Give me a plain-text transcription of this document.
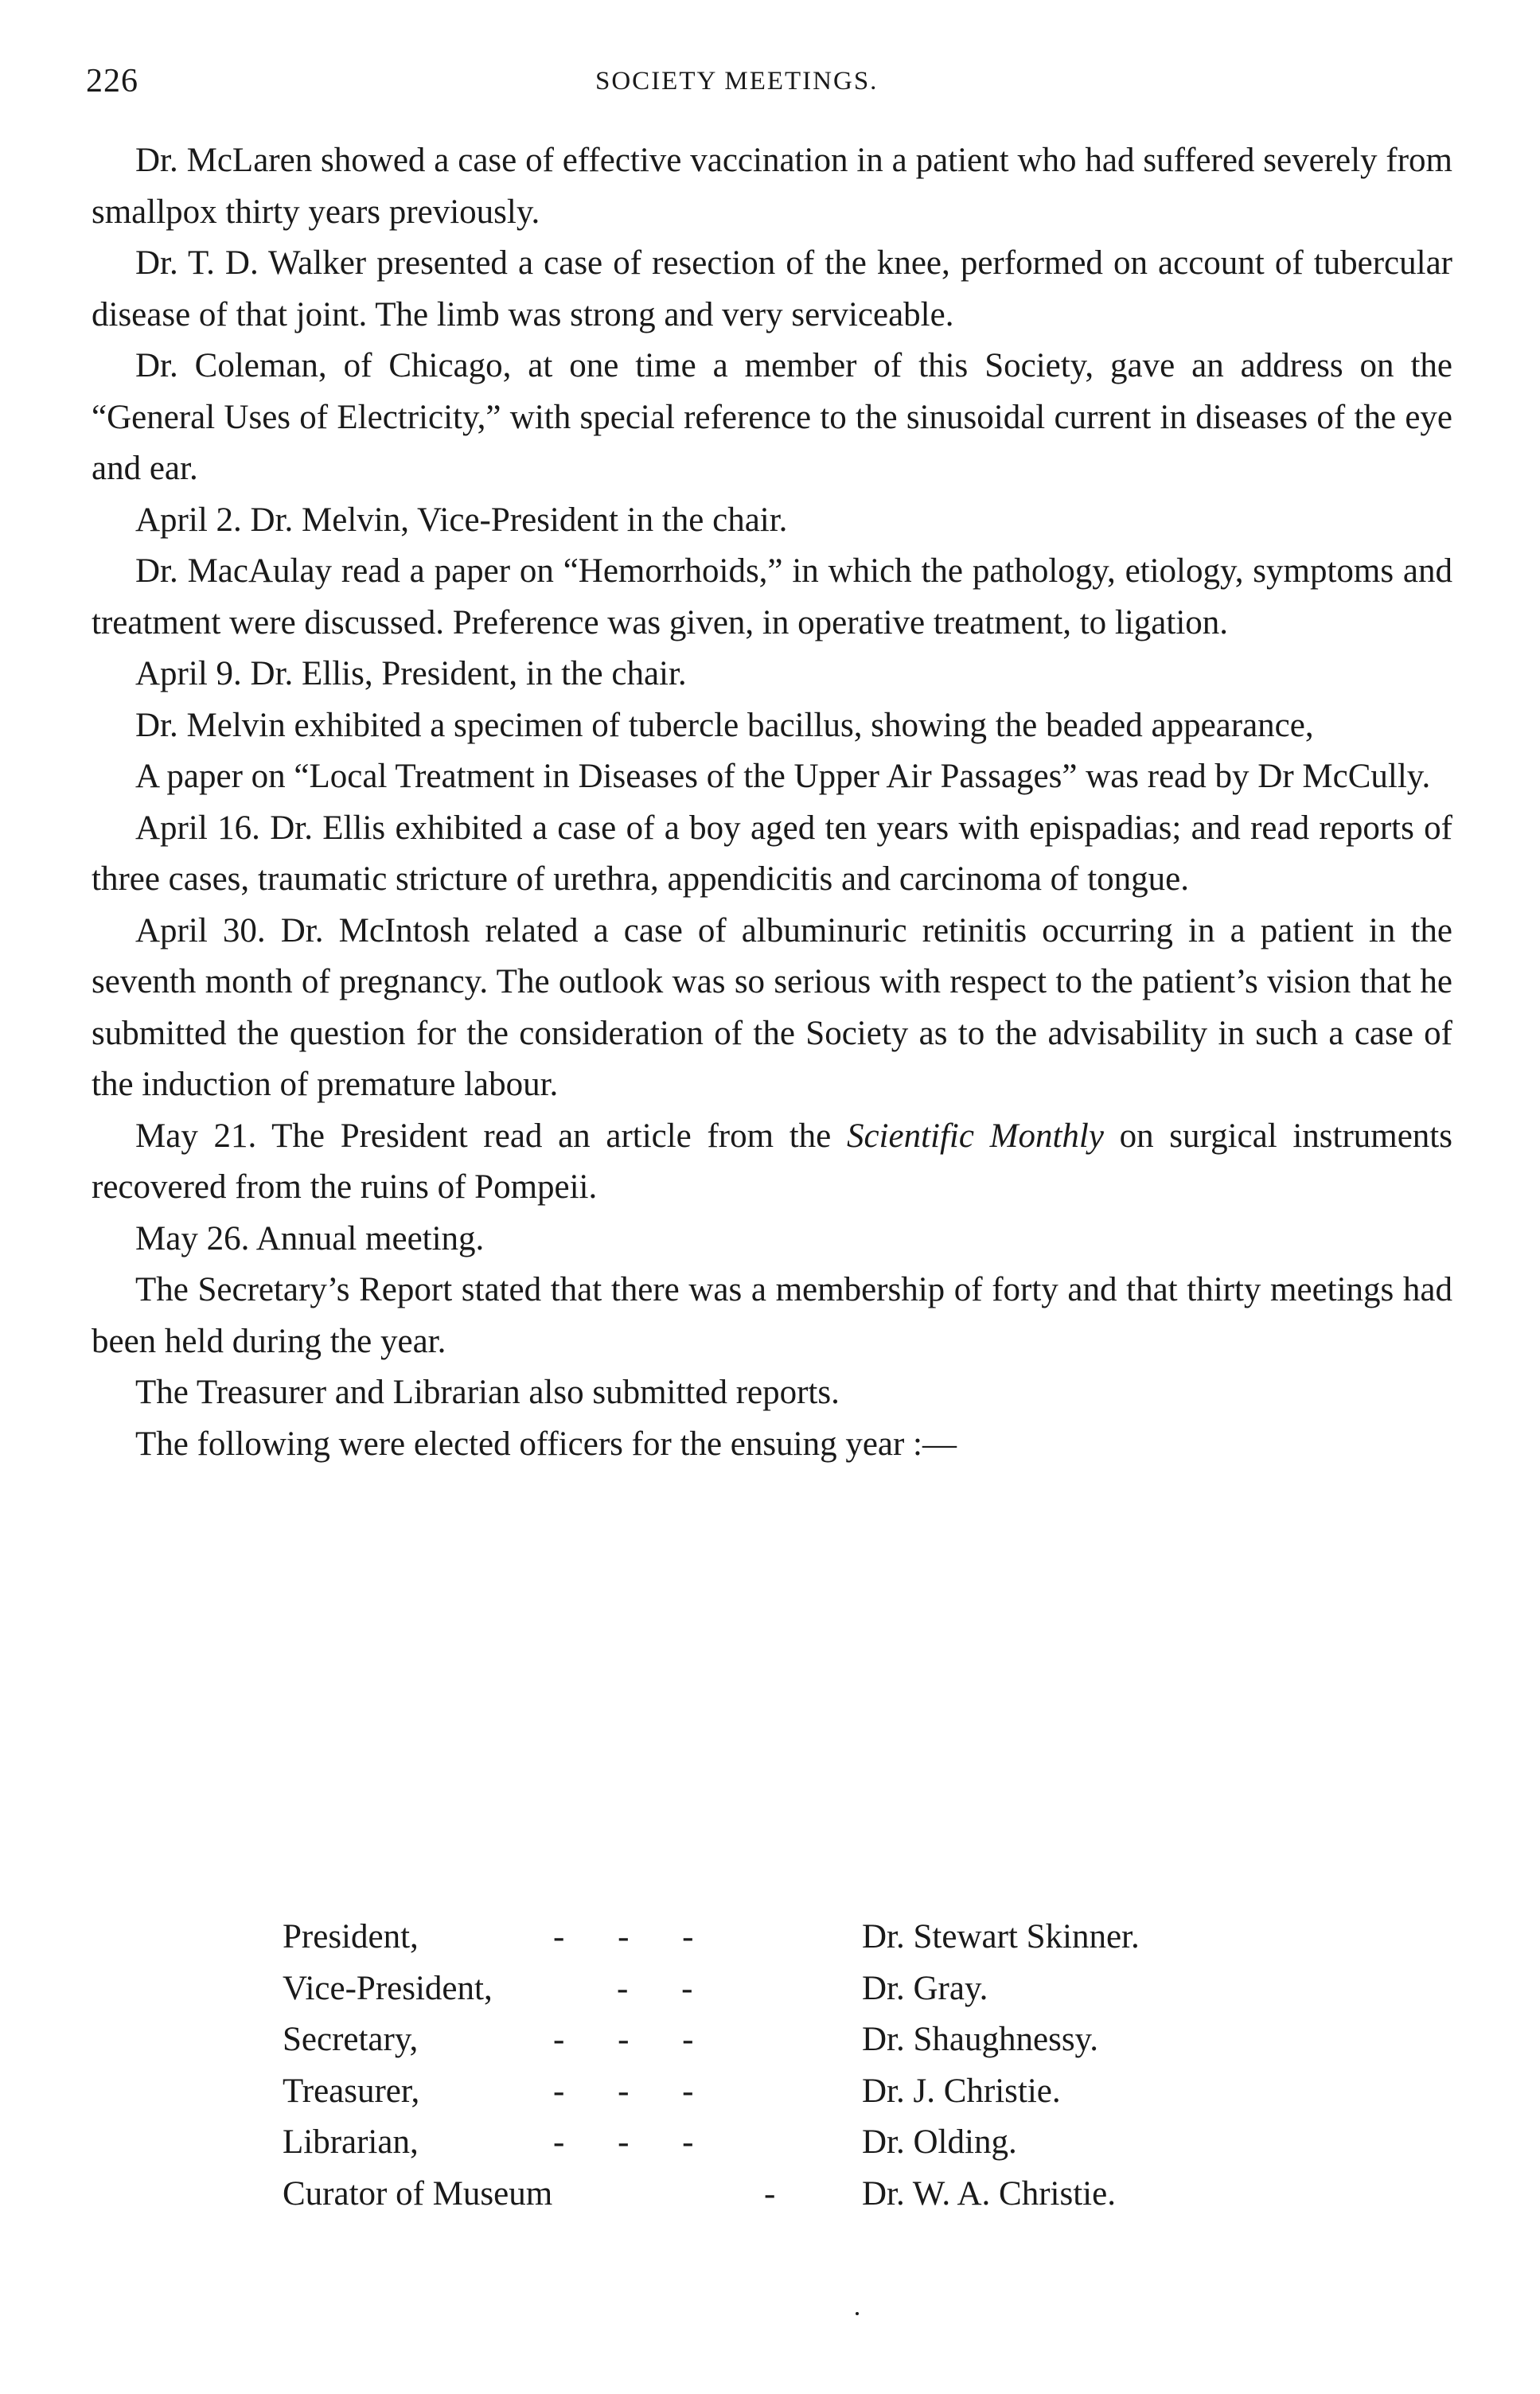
226	SOCIETY MEETINGS.

Dr. McLaren showed a case of effective vaccination in a patient who had suffered severely from smallpox thirty years previously.

Dr. T. D. Walker presented a case of resection of the knee, performed on account of tubercular disease of that joint. The limb was strong and very serviceable.

Dr. Coleman, of Chicago, at one time a member of this Society, gave an address on the “General Uses of Electricity,” with special reference to the sinusoidal current in diseases of the eye and ear.

April 2. Dr. Melvin, Vice-President in the chair.

Dr. MacAulay read a paper on “Hemorrhoids,” in which the pathology, etiology, symptoms and treatment were discussed. Preference was given, in operative treatment, to ligation.

April 9. Dr. Ellis, President, in the chair.

Dr. Melvin exhibited a specimen of tubercle bacillus, showing the beaded appearance,

A paper on “Local Treatment in Diseases of the Upper Air Passages” was read by Dr McCully.

April 16. Dr. Ellis exhibited a case of a boy aged ten years with epispadias; and read reports of three cases, traumatic stricture of urethra, appendicitis and carcinoma of tongue.

April 30. Dr. McIntosh related a case of albuminuric retinitis occurring in a patient in the seventh month of pregnancy. The outlook was so serious with respect to the patient’s vision that he submitted the question for the consideration of the Society as to the advisability in such a case of the induction of premature labour.

May 21. The President read an article from the Scientific Monthly on surgical instruments recovered from the ruins of Pompeii.

May 26. Annual meeting.

The Secretary’s Report stated that there was a membership of forty and that thirty meetings had been held during the year.

The Treasurer and Librarian also submitted reports.

The following were elected officers for the ensuing year :—

President,	- - -	Dr. Stewart Skinner.
Vice-President,	- -	Dr. Gray.
Secretary,	- - -	Dr. Shaughnessy.
Treasurer,	- - -	Dr. J. Christie.
Librarian,	- - -	Dr. Olding.
Curator of Museum	-	Dr. W. A. Christie.
